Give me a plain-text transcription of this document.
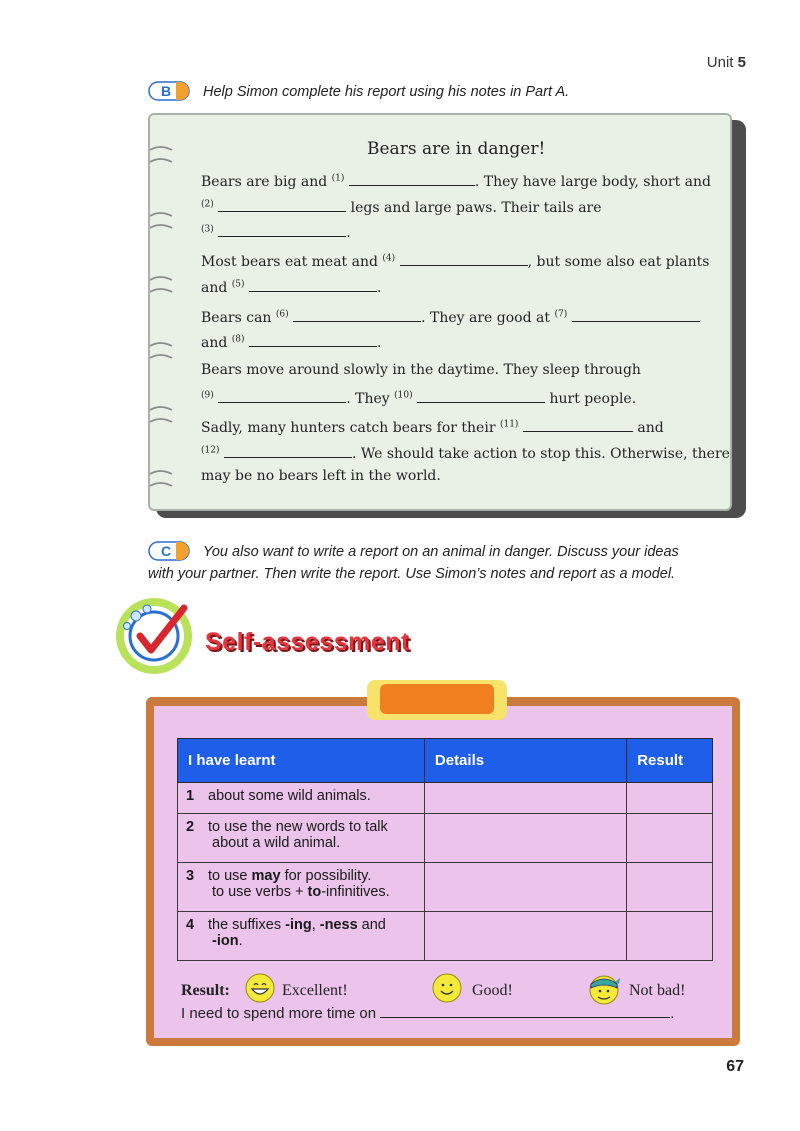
Unit 5
B Help Simon complete his report using his notes in Part A.
Bears are in danger!
Bears are big and $^{(1)}$	. They have large body, short and
$^{(2)}$	legs and large paws. Their tails are
$^{(3)}$	.
Most bears eat meat and $^{(4)}$	, but some also eat plants
and $^{(5)}$	.
Bears can $^{(6)}$	. They are good at $^{(7)}$
and $^{(8)}$	.
Bears move around slowly in the daytime. They sleep through
$^{(9)}$	. They $^{(10)}$	hurt people.
Sadly, many hunters catch bears for their $^{(11)}$	and
$^{(12)}$	. We should take action to stop this. Otherwise, there
may be no bears left in the world.
C You also want to write a report on an animal in danger. Discuss your ideas
with your partner. Then write the report. Use Simon’s notes and report as a model.
Self-assessment
I have learnt	Details	Result
1 about some wild animals.		
2 to use the new words to talk
about a wild animal.		
3 to use may for possibility.
to use verbs + to-infinitives.		
4 the suffixes -ing, -ness and
-ion.		
Result:	Excellent!	Good!	Not bad!
I need to spend more time on	.
67
